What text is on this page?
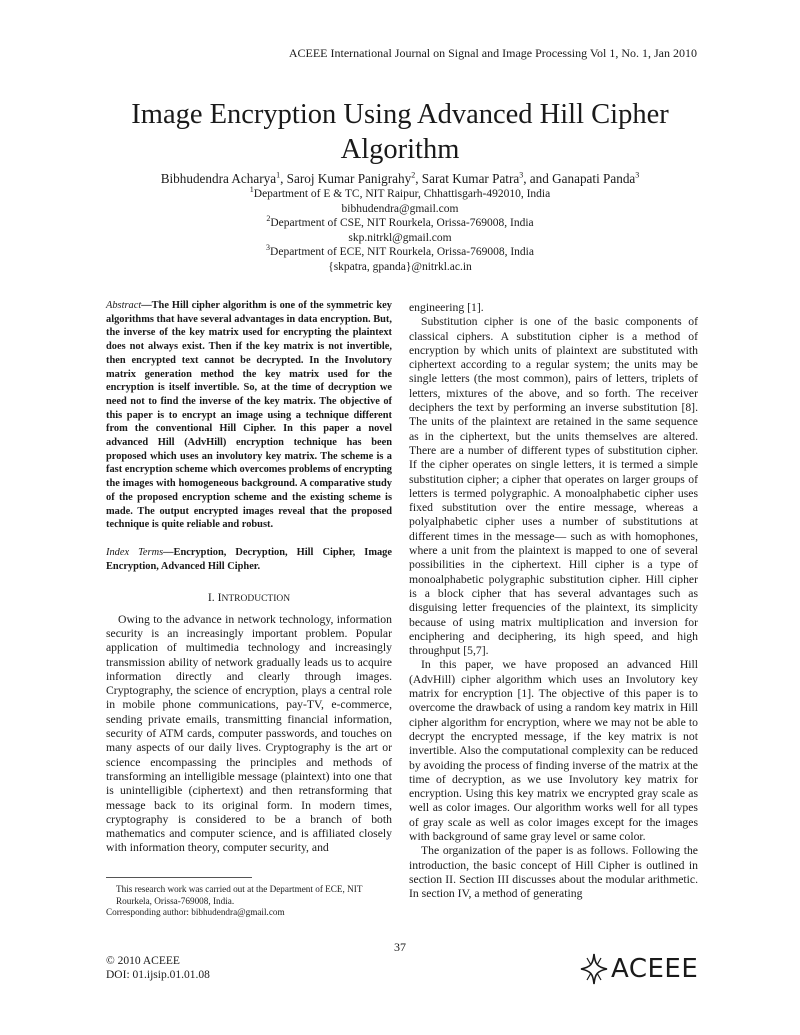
ACEEE International Journal on Signal and Image Processing Vol 1, No. 1, Jan 2010
Image Encryption Using Advanced Hill Cipher
Algorithm
Bibhudendra Acharya$^1$, Saroj Kumar Panigrahy$^2$, Sarat Kumar Patra$^3$, and Ganapati Panda$^3$
$^1$Department of E & TC, NIT Raipur, Chhattisgarh-492010, India
bibhudendra@gmail.com
$^2$Department of CSE, NIT Rourkela, Orissa-769008, India
skp.nitrkl@gmail.com
$^3$Department of ECE, NIT Rourkela, Orissa-769008, India
{skpatra, gpanda}@nitrkl.ac.in

Abstract—The Hill cipher algorithm is one of the symmetric key algorithms that have several advantages in data encryption. But, the inverse of the key matrix used for encrypting the plaintext does not always exist. Then if the key matrix is not invertible, then encrypted text cannot be decrypted. In the Involutory matrix generation method the key matrix used for the encryption is itself invertible. So, at the time of decryption we need not to find the inverse of the key matrix. The objective of this paper is to encrypt an image using a technique different from the conventional Hill Cipher. In this paper a novel advanced Hill (AdvHill) encryption technique has been proposed which uses an involutory key matrix. The scheme is a fast encryption scheme which overcomes problems of encrypting the images with homogeneous background. A comparative study of the proposed encryption scheme and the existing scheme is made. The output encrypted images reveal that the proposed technique is quite reliable and robust.

Index Terms—Encryption, Decryption, Hill Cipher, Image Encryption, Advanced Hill Cipher.

I. INTRODUCTION

Owing to the advance in network technology, information security is an increasingly important problem. Popular application of multimedia technology and increasingly transmission ability of network gradually leads us to acquire information directly and clearly through images. Cryptography, the science of encryption, plays a central role in mobile phone communications, pay-TV, e-commerce, sending private emails, transmitting financial information, security of ATM cards, computer passwords, and touches on many aspects of our daily lives. Cryptography is the art or science encompassing the principles and methods of transforming an intelligible message (plaintext) into one that is unintelligible (ciphertext) and then retransforming that message back to its original form. In modern times, cryptography is considered to be a branch of both mathematics and computer science, and is affiliated closely with information theory, computer security, and

engineering [1].

Substitution cipher is one of the basic components of classical ciphers. A substitution cipher is a method of encryption by which units of plaintext are substituted with ciphertext according to a regular system; the units may be single letters (the most common), pairs of letters, triplets of letters, mixtures of the above, and so forth. The receiver deciphers the text by performing an inverse substitution [8]. The units of the plaintext are retained in the same sequence as in the ciphertext, but the units themselves are altered. There are a number of different types of substitution cipher. If the cipher operates on single letters, it is termed a simple substitution cipher; a cipher that operates on larger groups of letters is termed polygraphic. A monoalphabetic cipher uses fixed substitution over the entire message, whereas a polyalphabetic cipher uses a number of substitutions at different times in the message— such as with homophones, where a unit from the plaintext is mapped to one of several possibilities in the ciphertext. Hill cipher is a type of monoalphabetic polygraphic substitution cipher. Hill cipher is a block cipher that has several advantages such as disguising letter frequencies of the plaintext, its simplicity because of using matrix multiplication and inversion for enciphering and deciphering, its high speed, and high throughput [5,7].

In this paper, we have proposed an advanced Hill (AdvHill) cipher algorithm which uses an Involutory key matrix for encryption [1]. The objective of this paper is to overcome the drawback of using a random key matrix in Hill cipher algorithm for encryption, where we may not be able to decrypt the encrypted message, if the key matrix is not invertible. Also the computational complexity can be reduced by avoiding the process of finding inverse of the matrix at the time of decryption, as we use Involutory key matrix for encryption. Using this key matrix we encrypted gray scale as well as color images. Our algorithm works well for all types of gray scale as well as color images except for the images with background of same gray level or same color.

The organization of the paper is as follows. Following the introduction, the basic concept of Hill Cipher is outlined in section II. Section III discusses about the modular arithmetic. In section IV, a method of generating

This research work was carried out at the Department of ECE, NIT Rourkela, Orissa-769008, India.
Corresponding author: bibhudendra@gmail.com
37
© 2010 ACEEE
DOI: 01.ijsip.01.01.08	ACEEE
